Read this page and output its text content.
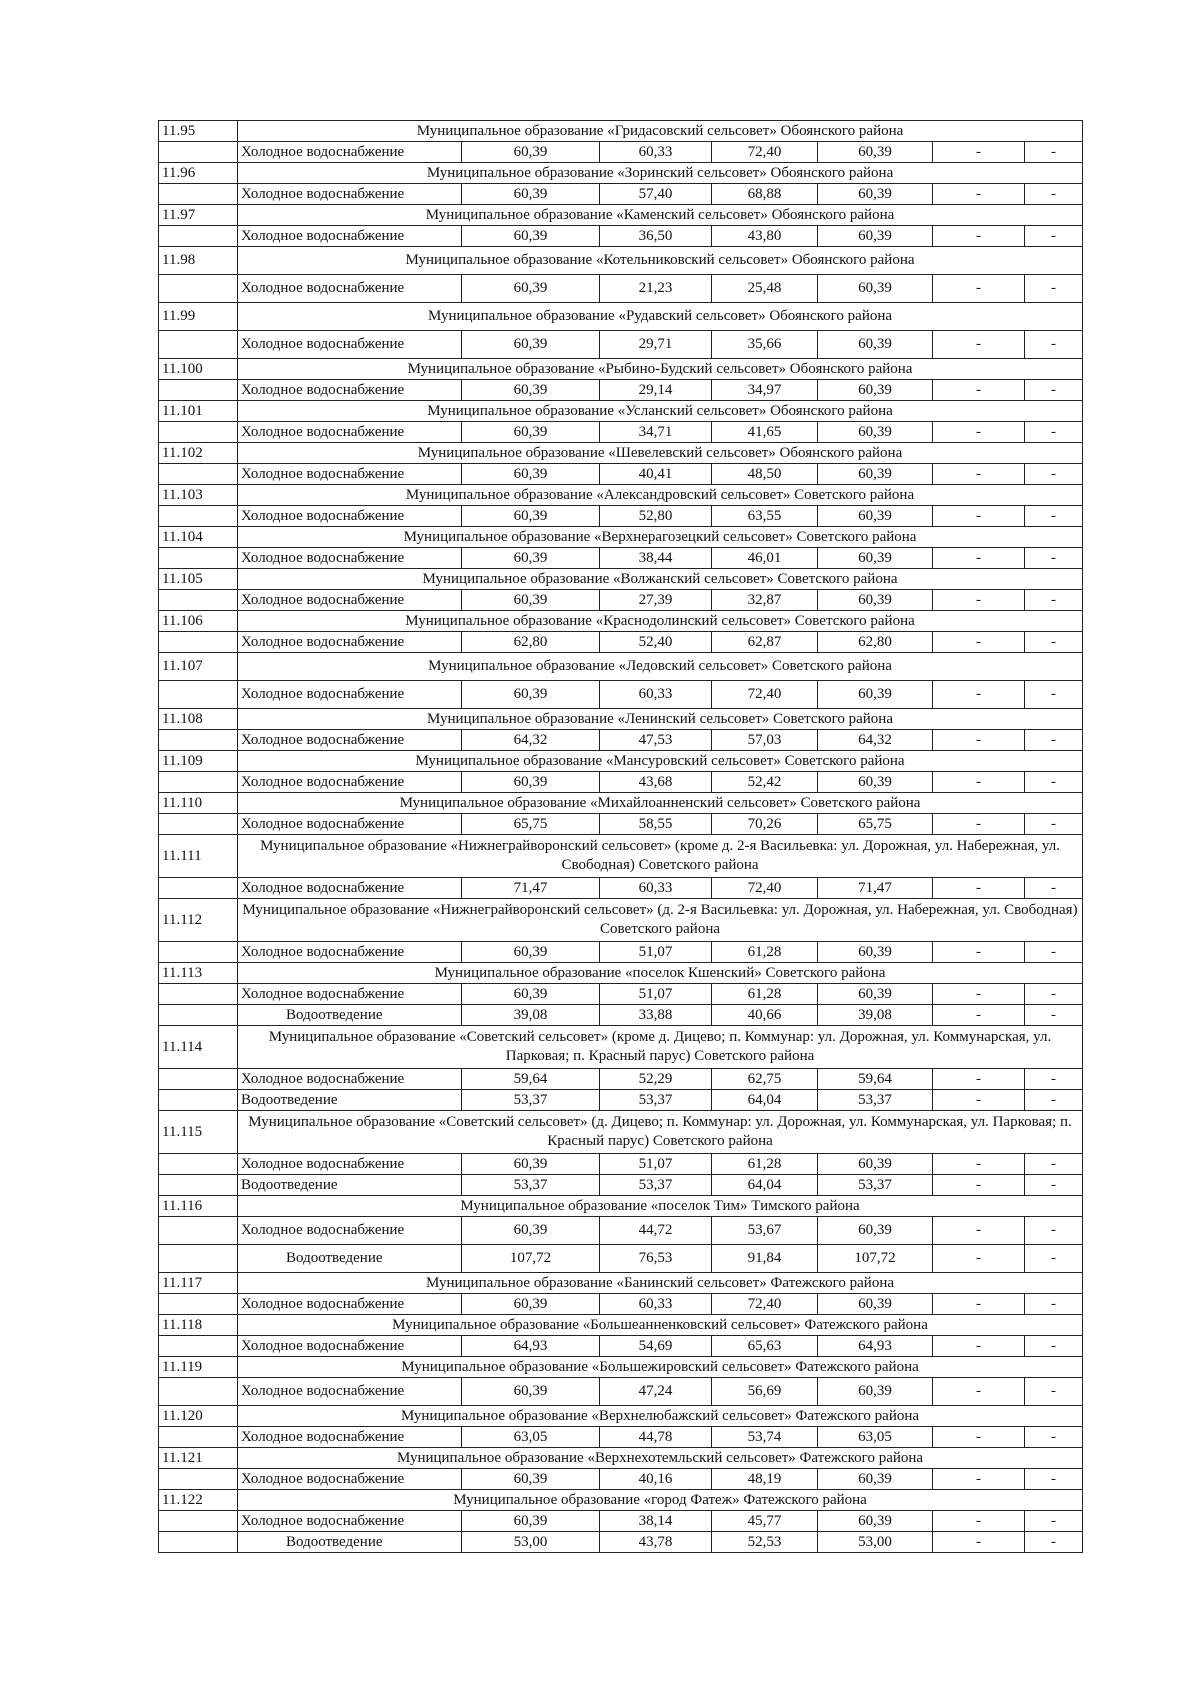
11.95	Муниципальное образование «Гридасовский сельсовет» Обоянского района						
	Холодное водоснабжение	60,39	60,33	72,40	60,39	-	-
11.96	Муниципальное образование «Зоринский сельсовет» Обоянского района						
	Холодное водоснабжение	60,39	57,40	68,88	60,39	-	-
11.97	Муниципальное образование «Каменский сельсовет» Обоянского района						
	Холодное водоснабжение	60,39	36,50	43,80	60,39	-	-
11.98	Муниципальное образование «Котельниковский сельсовет» Обоянского района						
	Холодное водоснабжение	60,39	21,23	25,48	60,39	-	-
11.99	Муниципальное образование «Рудавский сельсовет» Обоянского района						
	Холодное водоснабжение	60,39	29,71	35,66	60,39	-	-
11.100	Муниципальное образование «Рыбино-Будский сельсовет» Обоянского района						
	Холодное водоснабжение	60,39	29,14	34,97	60,39	-	-
11.101	Муниципальное образование «Усланский сельсовет» Обоянского района						
	Холодное водоснабжение	60,39	34,71	41,65	60,39	-	-
11.102	Муниципальное образование «Шевелевский сельсовет» Обоянского района						
	Холодное водоснабжение	60,39	40,41	48,50	60,39	-	-
11.103	Муниципальное образование «Александровский сельсовет» Советского района						
	Холодное водоснабжение	60,39	52,80	63,55	60,39	-	-
11.104	Муниципальное образование «Верхнерагозецкий сельсовет» Советского района						
	Холодное водоснабжение	60,39	38,44	46,01	60,39	-	-
11.105	Муниципальное образование «Волжанский сельсовет» Советского района						
	Холодное водоснабжение	60,39	27,39	32,87	60,39	-	-
11.106	Муниципальное образование «Краснодолинский сельсовет» Советского района						
	Холодное водоснабжение	62,80	52,40	62,87	62,80	-	-
11.107	Муниципальное образование «Ледовский сельсовет» Советского района						
	Холодное водоснабжение	60,39	60,33	72,40	60,39	-	-
11.108	Муниципальное образование «Ленинский сельсовет» Советского района						
	Холодное водоснабжение	64,32	47,53	57,03	64,32	-	-
11.109	Муниципальное образование «Мансуровский сельсовет» Советского района						
	Холодное водоснабжение	60,39	43,68	52,42	60,39	-	-
11.110	Муниципальное образование «Михайлоанненский сельсовет» Советского района						
	Холодное водоснабжение	65,75	58,55	70,26	65,75	-	-
11.111	Муниципальное образование «Нижнеграйворонский сельсовет» (кроме д. 2-я Васильевка: ул. Дорожная, ул. Набережная, ул. Свободная) Советского района						
	Холодное водоснабжение	71,47	60,33	72,40	71,47	-	-
11.112	Муниципальное образование «Нижнеграйворонский сельсовет» (д. 2-я Васильевка: ул. Дорожная, ул. Набережная, ул. Свободная) Советского района						
	Холодное водоснабжение	60,39	51,07	61,28	60,39	-	-
11.113	Муниципальное образование «поселок Кшенский» Советского района						
	Холодное водоснабжение	60,39	51,07	61,28	60,39	-	-
	Водоотведение	39,08	33,88	40,66	39,08	-	-
11.114	Муниципальное образование «Советский сельсовет» (кроме д. Дицево; п. Коммунар: ул. Дорожная, ул. Коммунарская, ул. Парковая; п. Красный парус) Советского района						
	Холодное водоснабжение	59,64	52,29	62,75	59,64	-	-
	Водоотведение	53,37	53,37	64,04	53,37	-	-
11.115	Муниципальное образование «Советский сельсовет» (д. Дицево; п. Коммунар: ул. Дорожная, ул. Коммунарская, ул. Парковая; п. Красный парус) Советского района						
	Холодное водоснабжение	60,39	51,07	61,28	60,39	-	-
	Водоотведение	53,37	53,37	64,04	53,37	-	-
11.116	Муниципальное образование «поселок Тим» Тимского района						
	Холодное водоснабжение	60,39	44,72	53,67	60,39	-	-
	Водоотведение	107,72	76,53	91,84	107,72	-	-
11.117	Муниципальное образование «Банинский сельсовет» Фатежского района						
	Холодное водоснабжение	60,39	60,33	72,40	60,39	-	-
11.118	Муниципальное образование «Большеанненковский сельсовет» Фатежского района						
	Холодное водоснабжение	64,93	54,69	65,63	64,93	-	-
11.119	Муниципальное образование «Большежировский сельсовет» Фатежского района						
	Холодное водоснабжение	60,39	47,24	56,69	60,39	-	-
11.120	Муниципальное образование «Верхнелюбажский сельсовет» Фатежского района						
	Холодное водоснабжение	63,05	44,78	53,74	63,05	-	-
11.121	Муниципальное образование «Верхнехотемльский сельсовет» Фатежского района						
	Холодное водоснабжение	60,39	40,16	48,19	60,39	-	-
11.122	Муниципальное образование «город Фатеж» Фатежского района						
	Холодное водоснабжение	60,39	38,14	45,77	60,39	-	-
	Водоотведение	53,00	43,78	52,53	53,00	-	-
